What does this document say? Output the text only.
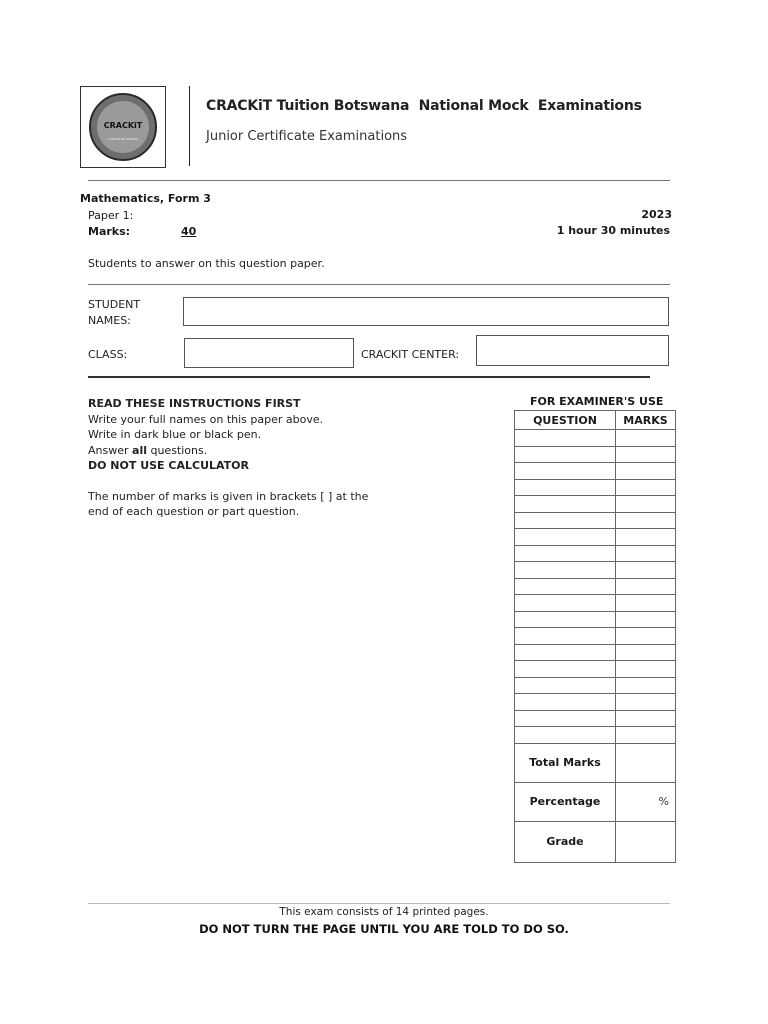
CRACKiT
TUITION BOTSWANA
CRACKiT Tuition Botswana  National Mock  Examinations
Junior Certificate Examinations
Mathematics, Form 3
Paper 1:
Marks:	40
2023
1 hour 30 minutes
Students to answer on this question paper.
STUDENT
NAMES:
CLASS:	CRACKIT CENTER:
READ THESE INSTRUCTIONS FIRST
Write your full names on this paper above.
Write in dark blue or black pen.
Answer all questions.
DO NOT USE CALCULATOR
The number of marks is given in brackets [ ] at the
end of each question or part question.
FOR EXAMINER'S USE
QUESTION	MARKS

Total Marks	
Percentage	%
Grade	
This exam consists of 14 printed pages.
DO NOT TURN THE PAGE UNTIL YOU ARE TOLD TO DO SO.
